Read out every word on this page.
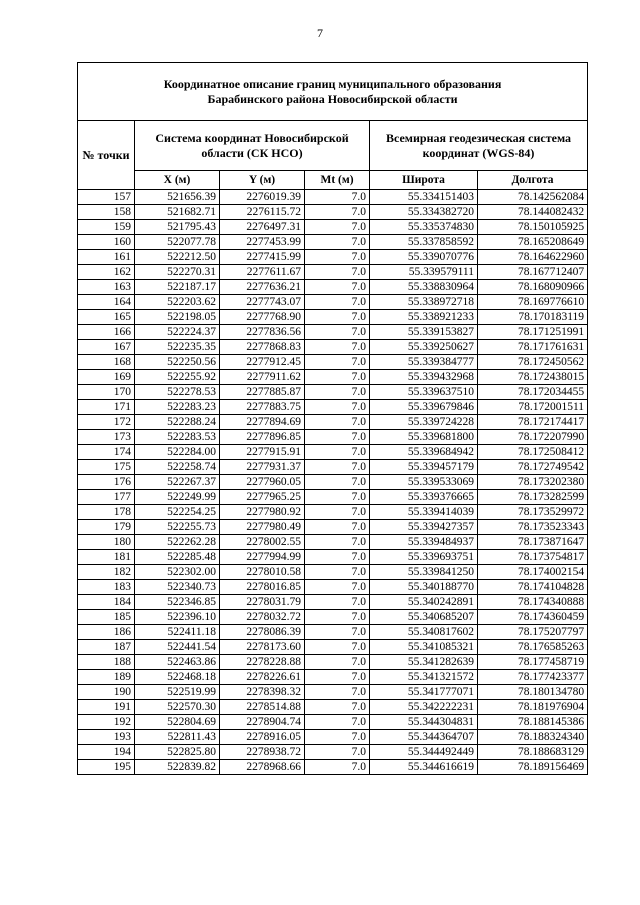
7
Координатное описание границ муниципального образования
Барабинского района Новосибирской области					

№ точки	Система координат Новосибирской области (СК НСО)			Всемирная геодезическая система координат (WGS-84)	
	X (м)	Y (м)	Mt (м)	Широта	Долгота
157	521656.39	2276019.39	7.0	55.334151403	78.142562084
158	521682.71	2276115.72	7.0	55.334382720	78.144082432
159	521795.43	2276497.31	7.0	55.335374830	78.150105925
160	522077.78	2277453.99	7.0	55.337858592	78.165208649
161	522212.50	2277415.99	7.0	55.339070776	78.164622960
162	522270.31	2277611.67	7.0	55.339579111	78.167712407
163	522187.17	2277636.21	7.0	55.338830964	78.168090966
164	522203.62	2277743.07	7.0	55.338972718	78.169776610
165	522198.05	2277768.90	7.0	55.338921233	78.170183119
166	522224.37	2277836.56	7.0	55.339153827	78.171251991
167	522235.35	2277868.83	7.0	55.339250627	78.171761631
168	522250.56	2277912.45	7.0	55.339384777	78.172450562
169	522255.92	2277911.62	7.0	55.339432968	78.172438015
170	522278.53	2277885.87	7.0	55.339637510	78.172034455
171	522283.23	2277883.75	7.0	55.339679846	78.172001511
172	522288.24	2277894.69	7.0	55.339724228	78.172174417
173	522283.53	2277896.85	7.0	55.339681800	78.172207990
174	522284.00	2277915.91	7.0	55.339684942	78.172508412
175	522258.74	2277931.37	7.0	55.339457179	78.172749542
176	522267.37	2277960.05	7.0	55.339533069	78.173202380
177	522249.99	2277965.25	7.0	55.339376665	78.173282599
178	522254.25	2277980.92	7.0	55.339414039	78.173529972
179	522255.73	2277980.49	7.0	55.339427357	78.173523343
180	522262.28	2278002.55	7.0	55.339484937	78.173871647
181	522285.48	2277994.99	7.0	55.339693751	78.173754817
182	522302.00	2278010.58	7.0	55.339841250	78.174002154
183	522340.73	2278016.85	7.0	55.340188770	78.174104828
184	522346.85	2278031.79	7.0	55.340242891	78.174340888
185	522396.10	2278032.72	7.0	55.340685207	78.174360459
186	522411.18	2278086.39	7.0	55.340817602	78.175207797
187	522441.54	2278173.60	7.0	55.341085321	78.176585263
188	522463.86	2278228.88	7.0	55.341282639	78.177458719
189	522468.18	2278226.61	7.0	55.341321572	78.177423377
190	522519.99	2278398.32	7.0	55.341777071	78.180134780
191	522570.30	2278514.88	7.0	55.342222231	78.181976904
192	522804.69	2278904.74	7.0	55.344304831	78.188145386
193	522811.43	2278916.05	7.0	55.344364707	78.188324340
194	522825.80	2278938.72	7.0	55.344492449	78.188683129
195	522839.82	2278968.66	7.0	55.344616619	78.189156469
